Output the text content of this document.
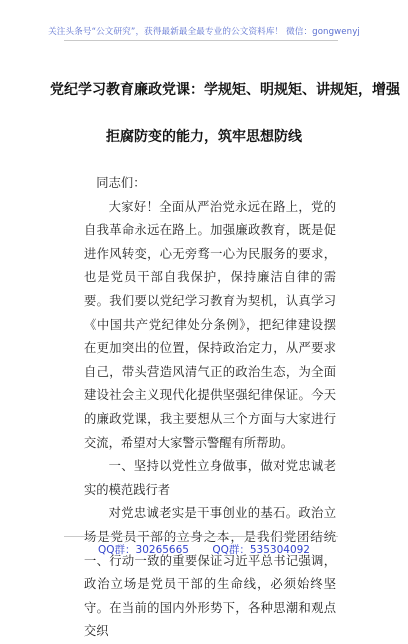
关注头条号“公文研究”，获得最新最全最专业的公文资料库！ 微信：gongwenyj
党纪学习教育廉政党课：学规矩、明规矩、讲规矩，增强
拒腐防变的能力，筑牢思想防线

同志们：

大家好！全面从严治党永远在路上，党的自我革命永远在路上。加强廉政教育，既是促进作风转变，心无旁骛一心为民服务的要求，也是党员干部自我保护，保持廉洁自律的需要。我们要以党纪学习教育为契机，认真学习《中国共产党纪律处分条例》，把纪律建设摆在更加突出的位置，保持政治定力，从严要求自己，带头营造风清气正的政治生态，为全面建设社会主义现代化提供坚强纪律保证。今天的廉政党课，我主要想从三个方面与大家进行交流，希望对大家警示警醒有所帮助。

一、坚持以党性立身做事，做对党忠诚老实的模范践行者

对党忠诚老实是干事创业的基石。政治立场是党员干部的立身之本，是我们党团结统一、行动一致的重要保证习近平总书记强调，政治立场是党员干部的生命线，必须始终坚守。在当前的国内外形势下，各种思潮和观点交织

QQ群：30265665 QQ群：535304092
